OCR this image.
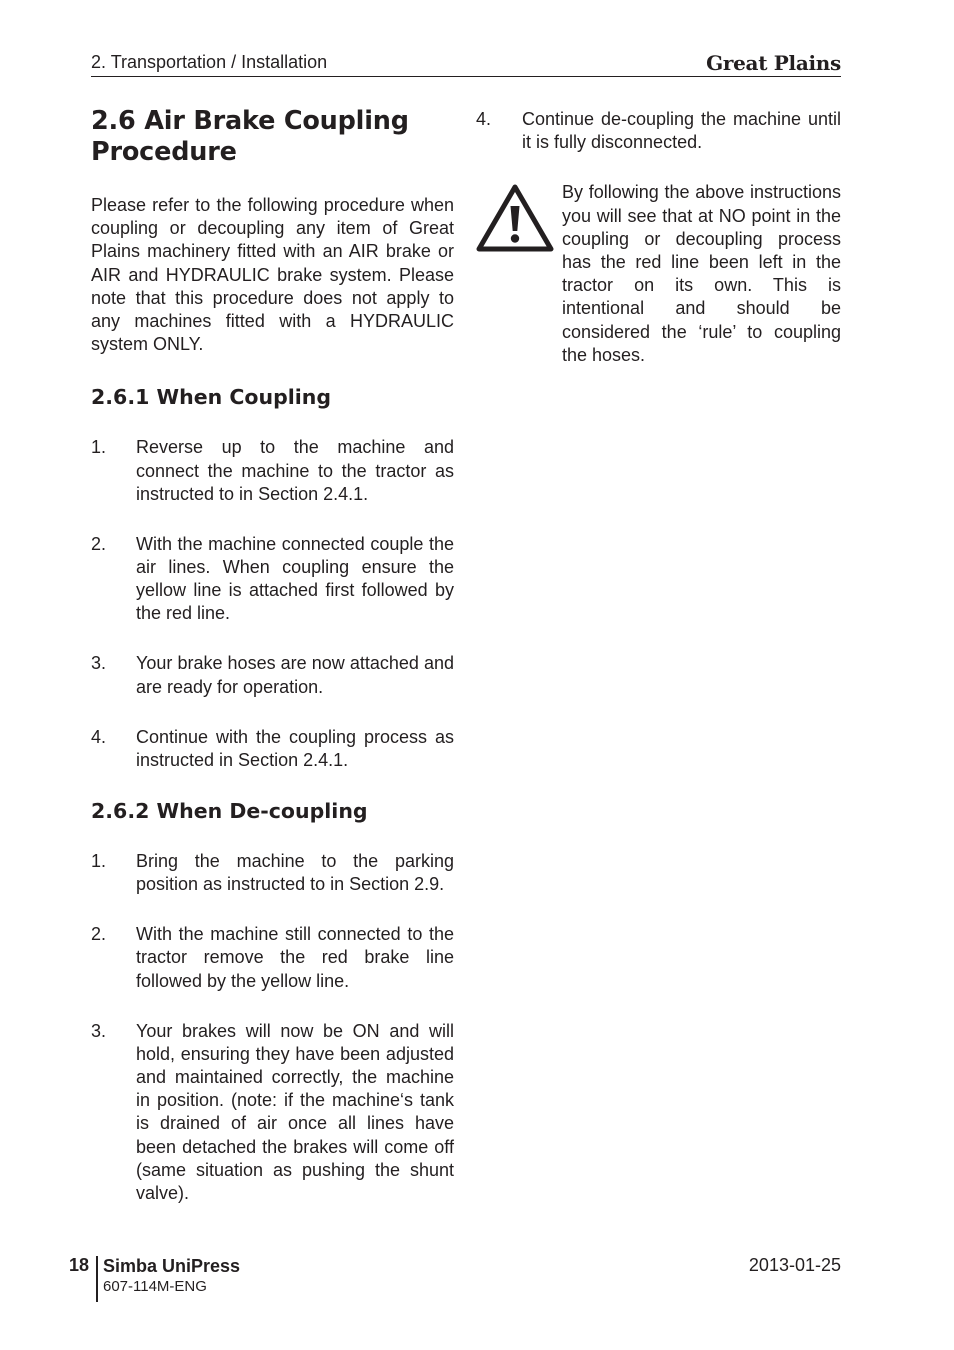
2. Transportation / Installation	Great Plains
2.6 Air Brake Coupling
Procedure

Please refer to the following procedure when coupling or decoupling any item of Great Plains machinery fitted with an AIR brake or AIR and HYDRAULIC brake system. Please note that this procedure does not apply to any machines fitted with a HYDRAULIC system ONLY.

2.6.1 When Coupling
1.	Reverse up to the machine and connect the machine to the tractor as instructed to in Section 2.4.1.
2.	With the machine connected couple the air lines. When coupling ensure the yellow line is attached first followed by the red line.
3.	Your brake hoses are now attached and are ready for operation.
4.	Continue with the coupling process as instructed in Section 2.4.1.
2.6.2 When De-coupling
1.	Bring the machine to the parking position as instructed to in Section 2.9.
2.	With the machine still connected to the tractor remove the red brake line followed by the yellow line.
3.	Your brakes will now be ON and will hold, ensuring they have been adjusted and maintained correctly, the machine in position. (note: if the machine‘s tank is drained of air once all lines have been detached the brakes will come off (same situation as pushing the shunt valve).
4.	Continue de-coupling the machine until it is fully disconnected.

By following the above instructions you will see that at NO point in the coupling or decoupling process has the red line been left in the tractor on its own. This is intentional and should be considered the ‘rule’ to coupling the hoses.

18 Simba UniPress
607-114M-ENG
2013-01-25
